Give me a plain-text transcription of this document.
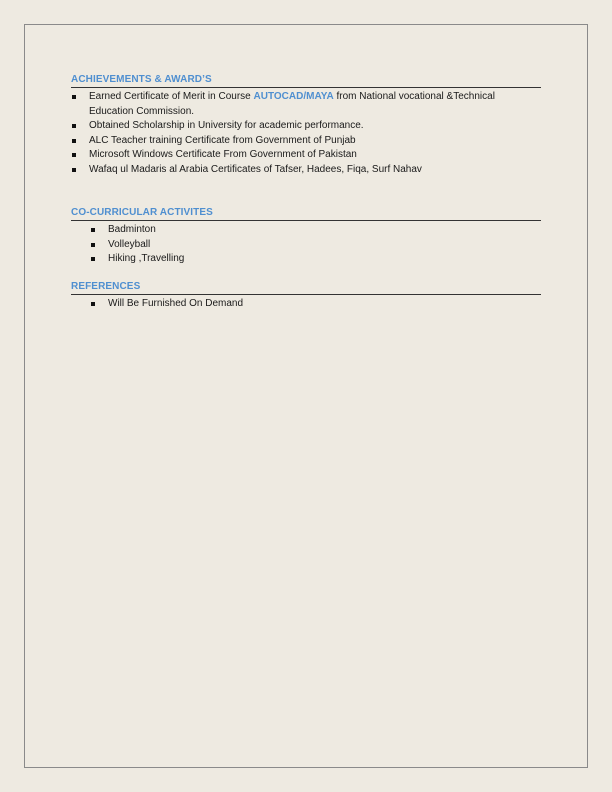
ACHIEVEMENTS & AWARD’S
Earned Certificate of Merit in Course AUTOCAD/MAYA from National vocational &Technical Education Commission.
Obtained Scholarship in University for academic performance.
ALC Teacher training Certificate from Government of Punjab
Microsoft Windows Certificate From Government of Pakistan
Wafaq ul Madaris al Arabia Certificates of Tafser, Hadees, Fiqa, Surf Nahav
CO-CURRICULAR ACTIVITES
Badminton
Volleyball
Hiking ,Travelling
REFERENCES
Will Be Furnished On Demand
